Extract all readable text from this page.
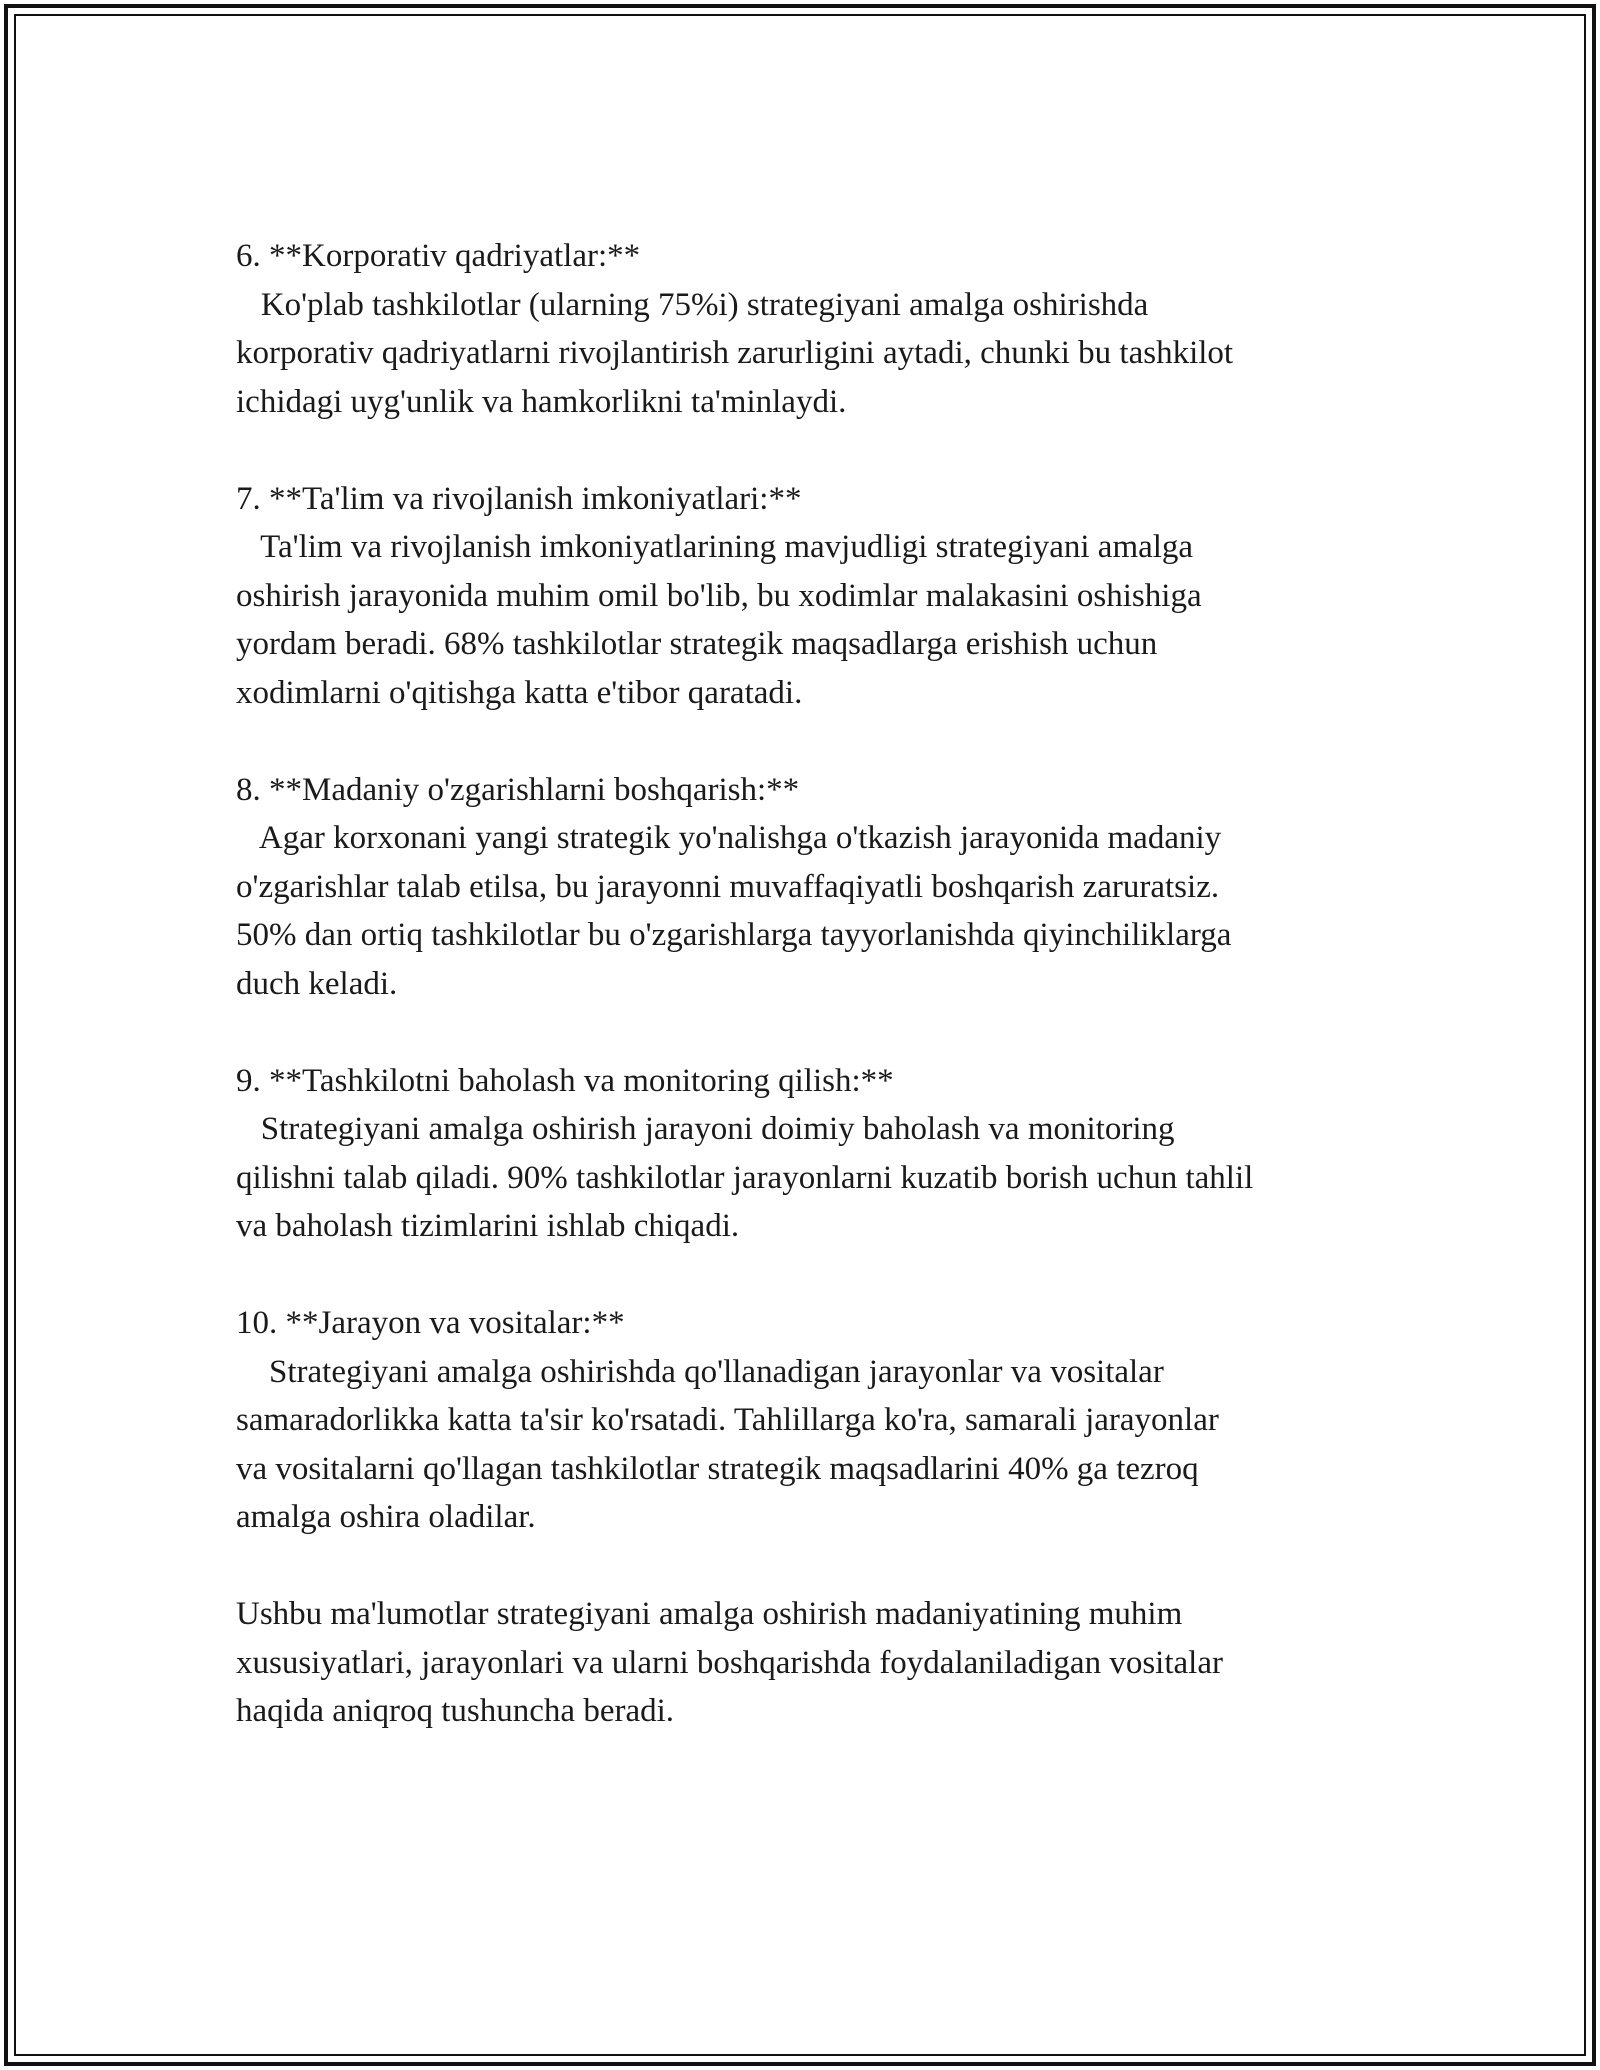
6. **Korporativ qadriyatlar:**
Ko'plab tashkilotlar (ularning 75%i) strategiyani amalga oshirishda
korporativ qadriyatlarni rivojlantirish zarurligini aytadi, chunki bu tashkilot
ichidagi uyg'unlik va hamkorlikni ta'minlaydi.
7. **Ta'lim va rivojlanish imkoniyatlari:**
Ta'lim va rivojlanish imkoniyatlarining mavjudligi strategiyani amalga
oshirish jarayonida muhim omil bo'lib, bu xodimlar malakasini oshishiga
yordam beradi. 68% tashkilotlar strategik maqsadlarga erishish uchun
xodimlarni o'qitishga katta e'tibor qaratadi.
8. **Madaniy o'zgarishlarni boshqarish:**
Agar korxonani yangi strategik yo'nalishga o'tkazish jarayonida madaniy
o'zgarishlar talab etilsa, bu jarayonni muvaffaqiyatli boshqarish zaruratsiz.
50% dan ortiq tashkilotlar bu o'zgarishlarga tayyorlanishda qiyinchiliklarga
duch keladi.
9. **Tashkilotni baholash va monitoring qilish:**
Strategiyani amalga oshirish jarayoni doimiy baholash va monitoring
qilishni talab qiladi. 90% tashkilotlar jarayonlarni kuzatib borish uchun tahlil
va baholash tizimlarini ishlab chiqadi.
10. **Jarayon va vositalar:**
Strategiyani amalga oshirishda qo'llanadigan jarayonlar va vositalar
samaradorlikka katta ta'sir ko'rsatadi. Tahlillarga ko'ra, samarali jarayonlar
va vositalarni qo'llagan tashkilotlar strategik maqsadlarini 40% ga tezroq
amalga oshira oladilar.

Ushbu ma'lumotlar strategiyani amalga oshirish madaniyatining muhim
xususiyatlari, jarayonlari va ularni boshqarishda foydalaniladigan vositalar
haqida aniqroq tushuncha beradi.
